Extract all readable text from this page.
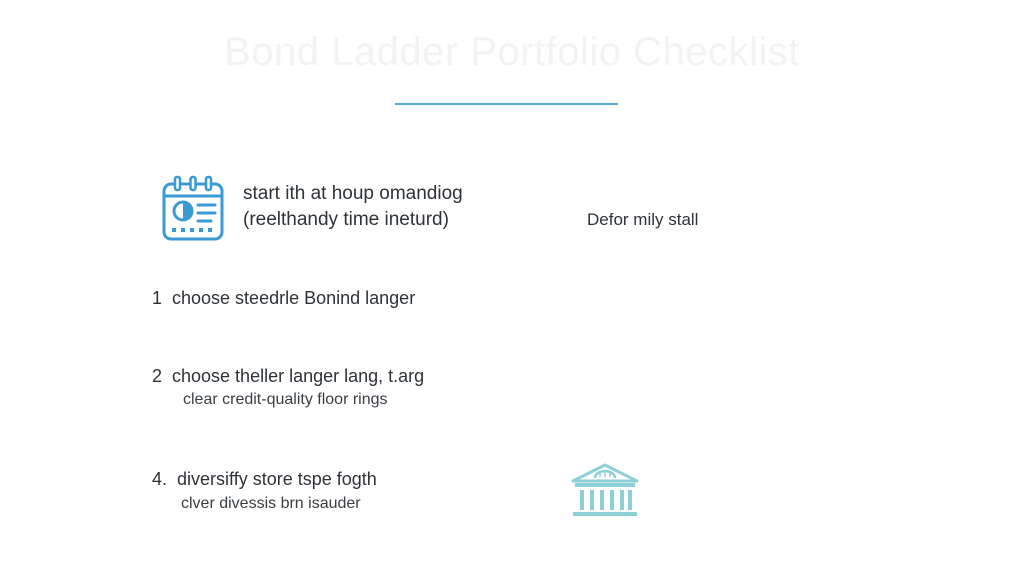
Bond Ladder Portfolio Checklist
start ith at houp omandiog
(reelthandy time ineturd)	Defor mily stall
1 choose steedrle Bonind langer
2 choose theller langer lang, t.arg
clear credit-quality floor rings
4. diversiffy store tspe fogth
clver divessis brn isauder
